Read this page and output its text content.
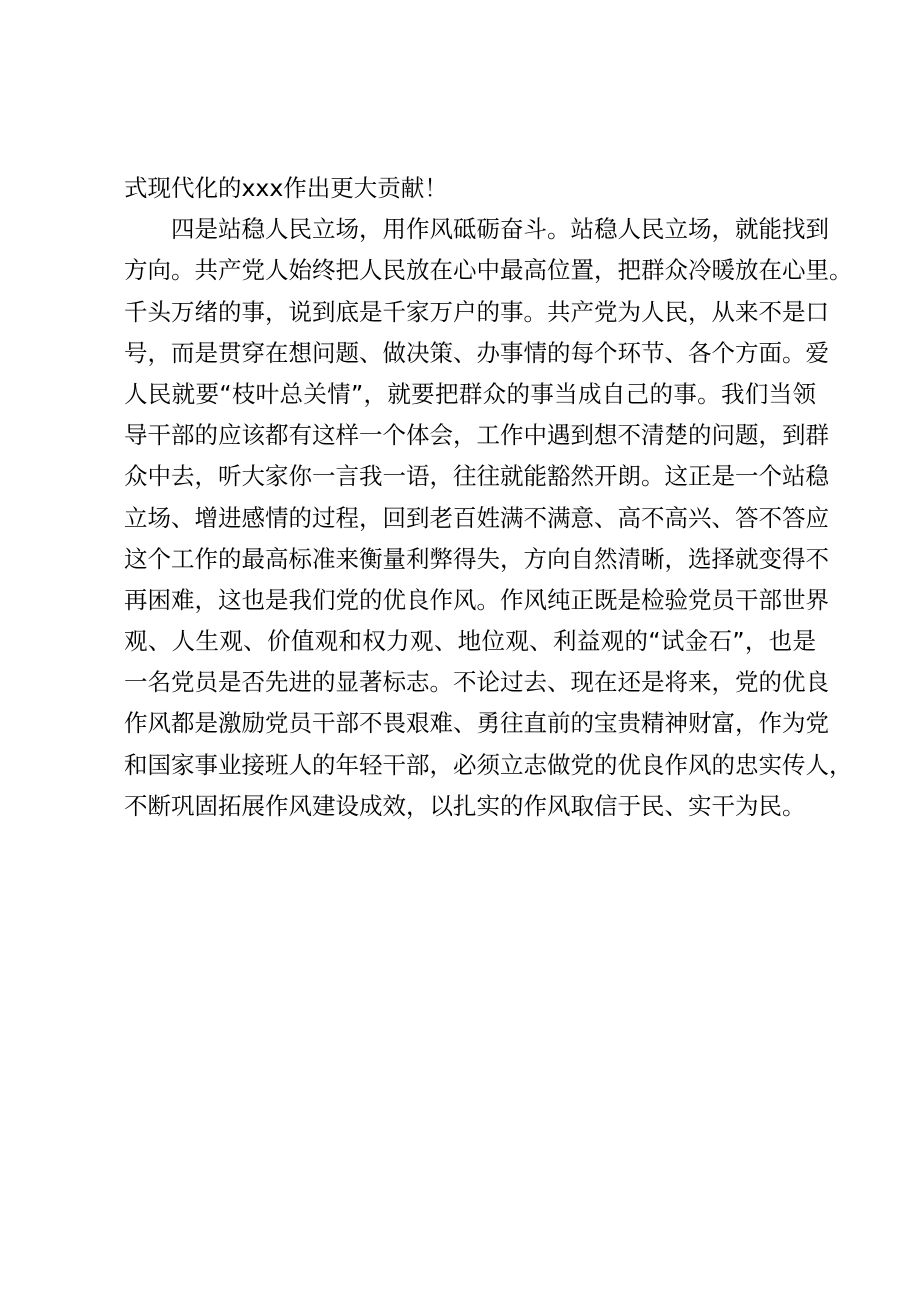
式现代化的xxx作出更大贡献！
四是站稳人民立场，用作风砥砺奋斗。站稳人民立场，就能找到
方向。共产党人始终把人民放在心中最高位置，把群众冷暖放在心里。
千头万绪的事，说到底是千家万户的事。共产党为人民，从来不是口
号，而是贯穿在想问题、做决策、办事情的每个环节、各个方面。爱
人民就要“枝叶总关情”，就要把群众的事当成自己的事。我们当领
导干部的应该都有这样一个体会，工作中遇到想不清楚的问题，到群
众中去，听大家你一言我一语，往往就能豁然开朗。这正是一个站稳
立场、增进感情的过程，回到老百姓满不满意、高不高兴、答不答应
这个工作的最高标准来衡量利弊得失，方向自然清晰，选择就变得不
再困难，这也是我们党的优良作风。作风纯正既是检验党员干部世界
观、人生观、价值观和权力观、地位观、利益观的“试金石”，也是
一名党员是否先进的显著标志。不论过去、现在还是将来，党的优良
作风都是激励党员干部不畏艰难、勇往直前的宝贵精神财富，作为党
和国家事业接班人的年轻干部，必须立志做党的优良作风的忠实传人，
不断巩固拓展作风建设成效，以扎实的作风取信于民、实干为民。
